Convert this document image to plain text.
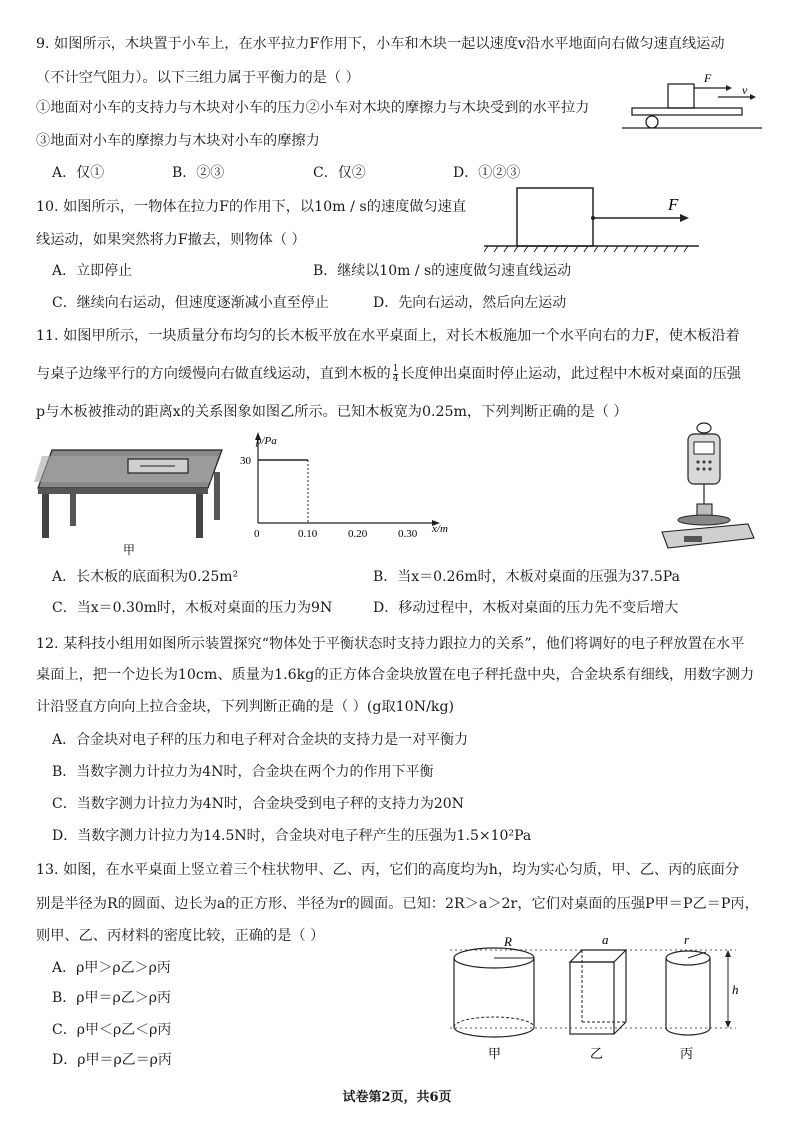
9. 如图所示，木块置于小车上，在水平拉力F作用下，小车和木块一起以速度v沿水平地面向右做匀速直线运动
（不计空气阻力）。以下三组力属于平衡力的是（ ）
①地面对小车的支持力与木块对小车的压力②小车对木块的摩擦力与木块受到的水平拉力
③地面对小车的摩擦力与木块对小车的摩擦力
A．仅①	B．②③	C．仅②	D．①②③
F
v
10. 如图所示，一物体在拉力F的作用下，以10m / s的速度做匀速直
线运动，如果突然将力F撤去，则物体（ ）
A．立即停止	B．继续以10m / s的速度做匀速直线运动
C．继续向右运动，但速度逐渐减小直至停止	D．先向右运动，然后向左运动
F
11. 如图甲所示，一块质量分布均匀的长木板平放在水平桌面上，对长木板施加一个水平向右的力F，使木板沿着
与桌子边缘平行的方向缓慢向右做直线运动，直到木板的 $\frac{1}{4}$ 长度伸出桌面时停止运动，此过程中木板对桌面的压强
p与木板被推动的距离x的关系图象如图乙所示。已知木板宽为0.25m，下列判断正确的是（ ）
甲
p/Pa
x/m
0	0.10	0.20	0.30
30
A．长木板的底面积为0.25m²	B．当x＝0.26m时，木板对桌面的压强为37.5Pa
C．当x＝0.30m时，木板对桌面的压力为9N	D．移动过程中，木板对桌面的压力先不变后增大
12. 某科技小组用如图所示装置探究“物体处于平衡状态时支持力跟拉力的关系”，他们将调好的电子秤放置在水平
桌面上，把一个边长为10cm、质量为1.6kg的正方体合金块放置在电子秤托盘中央，合金块系有细线，用数字测力
计沿竖直方向向上拉合金块，下列判断正确的是（ ）(g取10N/kg)
A．合金块对电子秤的压力和电子秤对合金块的支持力是一对平衡力
B．当数字测力计拉力为4N时，合金块在两个力的作用下平衡
C．当数字测力计拉力为4N时，合金块受到电子秤的支持力为20N
D．当数字测力计拉力为14.5N时，合金块对电子秤产生的压强为1.5×10²Pa
13. 如图，在水平桌面上竖立着三个柱状物甲、乙、丙，它们的高度均为h，均为实心匀质，甲、乙、丙的底面分
别是半径为R的圆面、边长为a的正方形、半径为r的圆面。已知：2R＞a＞2r，它们对桌面的压强P甲＝P乙＝P丙，
则甲、乙、丙材料的密度比较，正确的是（ ）
A．ρ甲＞ρ乙＞ρ丙
B．ρ甲＝ρ乙＞ρ丙
C．ρ甲＜ρ乙＜ρ丙
D．ρ甲＝ρ乙＝ρ丙
R	a	r
h
甲	乙	丙
试卷第2页，共6页
